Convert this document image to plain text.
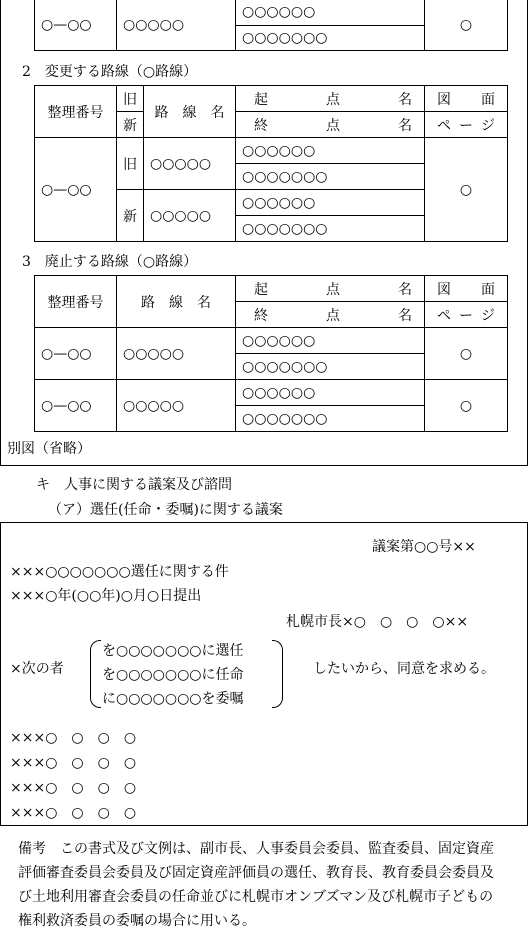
○—○○	○○○○○	○○○○○○	○
○○○○○○○
2　変更する路線（○路線）
整理番号	旧	路　線　名	起 点 名	図 面

	新		終 点 名	ペ ー ジ

○—○○	旧	○○○○○	○○○○○○	○
			○○○○○○○	
	新	○○○○○	○○○○○○	
			○○○○○○○	
3　廃止する路線（○路線）
整理番号	路　線　名	起 点 名	図 面

		終 点 名	ペ ー ジ

○—○○	○○○○○	○○○○○○	○
		○○○○○○○	
○—○○	○○○○○	○○○○○○	○
		○○○○○○○	
別図（省略）
キ　人事に関する議案及び諮問
（ア）選任(任命・委嘱)に関する議案
議案第○○号××
×××○○○○○○○選任に関する件
×××○年(○○年)○月○日提出
札幌市長×○　○　○　○××
×次の者
を○○○○○○○に選任
を○○○○○○○に任命
に○○○○○○○を委嘱
したいから、同意を求める。
×××○　○　○　○
×××○　○　○　○
×××○　○　○　○
×××○　○　○　○
備考　この書式及び文例は、副市長、人事委員会委員、監査委員、固定資産
評価審査委員会委員及び固定資産評価員の選任、教育長、教育委員会委員及
び土地利用審査会委員の任命並びに札幌市オンブズマン及び札幌市子どもの
権利救済委員の委嘱の場合に用いる。
